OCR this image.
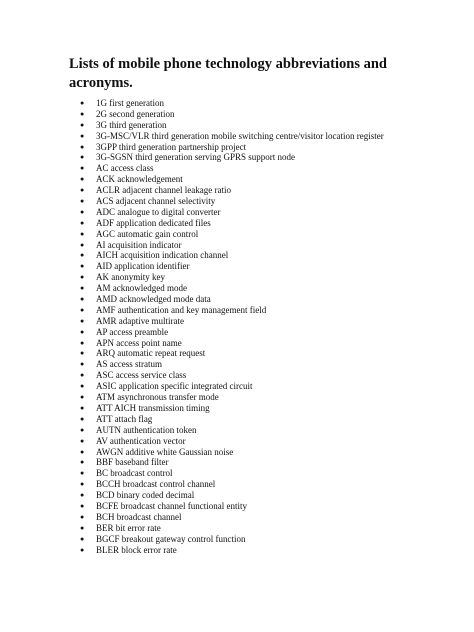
Lists of mobile phone technology abbreviations and acronyms.
● 1G first generation
● 2G second generation
● 3G third generation
● 3G-MSC/VLR third generation mobile switching centre/visitor location register
● 3GPP third generation partnership project
● 3G-SGSN third generation serving GPRS support node
● AC access class
● ACK acknowledgement
● ACLR adjacent channel leakage ratio
● ACS adjacent channel selectivity
● ADC analogue to digital converter
● ADF application dedicated files
● AGC automatic gain control
● AI acquisition indicator
● AICH acquisition indication channel
● AID application identifier
● AK anonymity key
● AM acknowledged mode
● AMD acknowledged mode data
● AMF authentication and key management field
● AMR adaptive multirate
● AP access preamble
● APN access point name
● ARQ automatic repeat request
● AS access stratum
● ASC access service class
● ASIC application specific integrated circuit
● ATM asynchronous transfer mode
● ATT AICH transmission timing
● ATT attach flag
● AUTN authentication token
● AV authentication vector
● AWGN additive white Gaussian noise
● BBF baseband filter
● BC broadcast control
● BCCH broadcast control channel
● BCD binary coded decimal
● BCFE broadcast channel functional entity
● BCH broadcast channel
● BER bit error rate
● BGCF breakout gateway control function
● BLER block error rate
